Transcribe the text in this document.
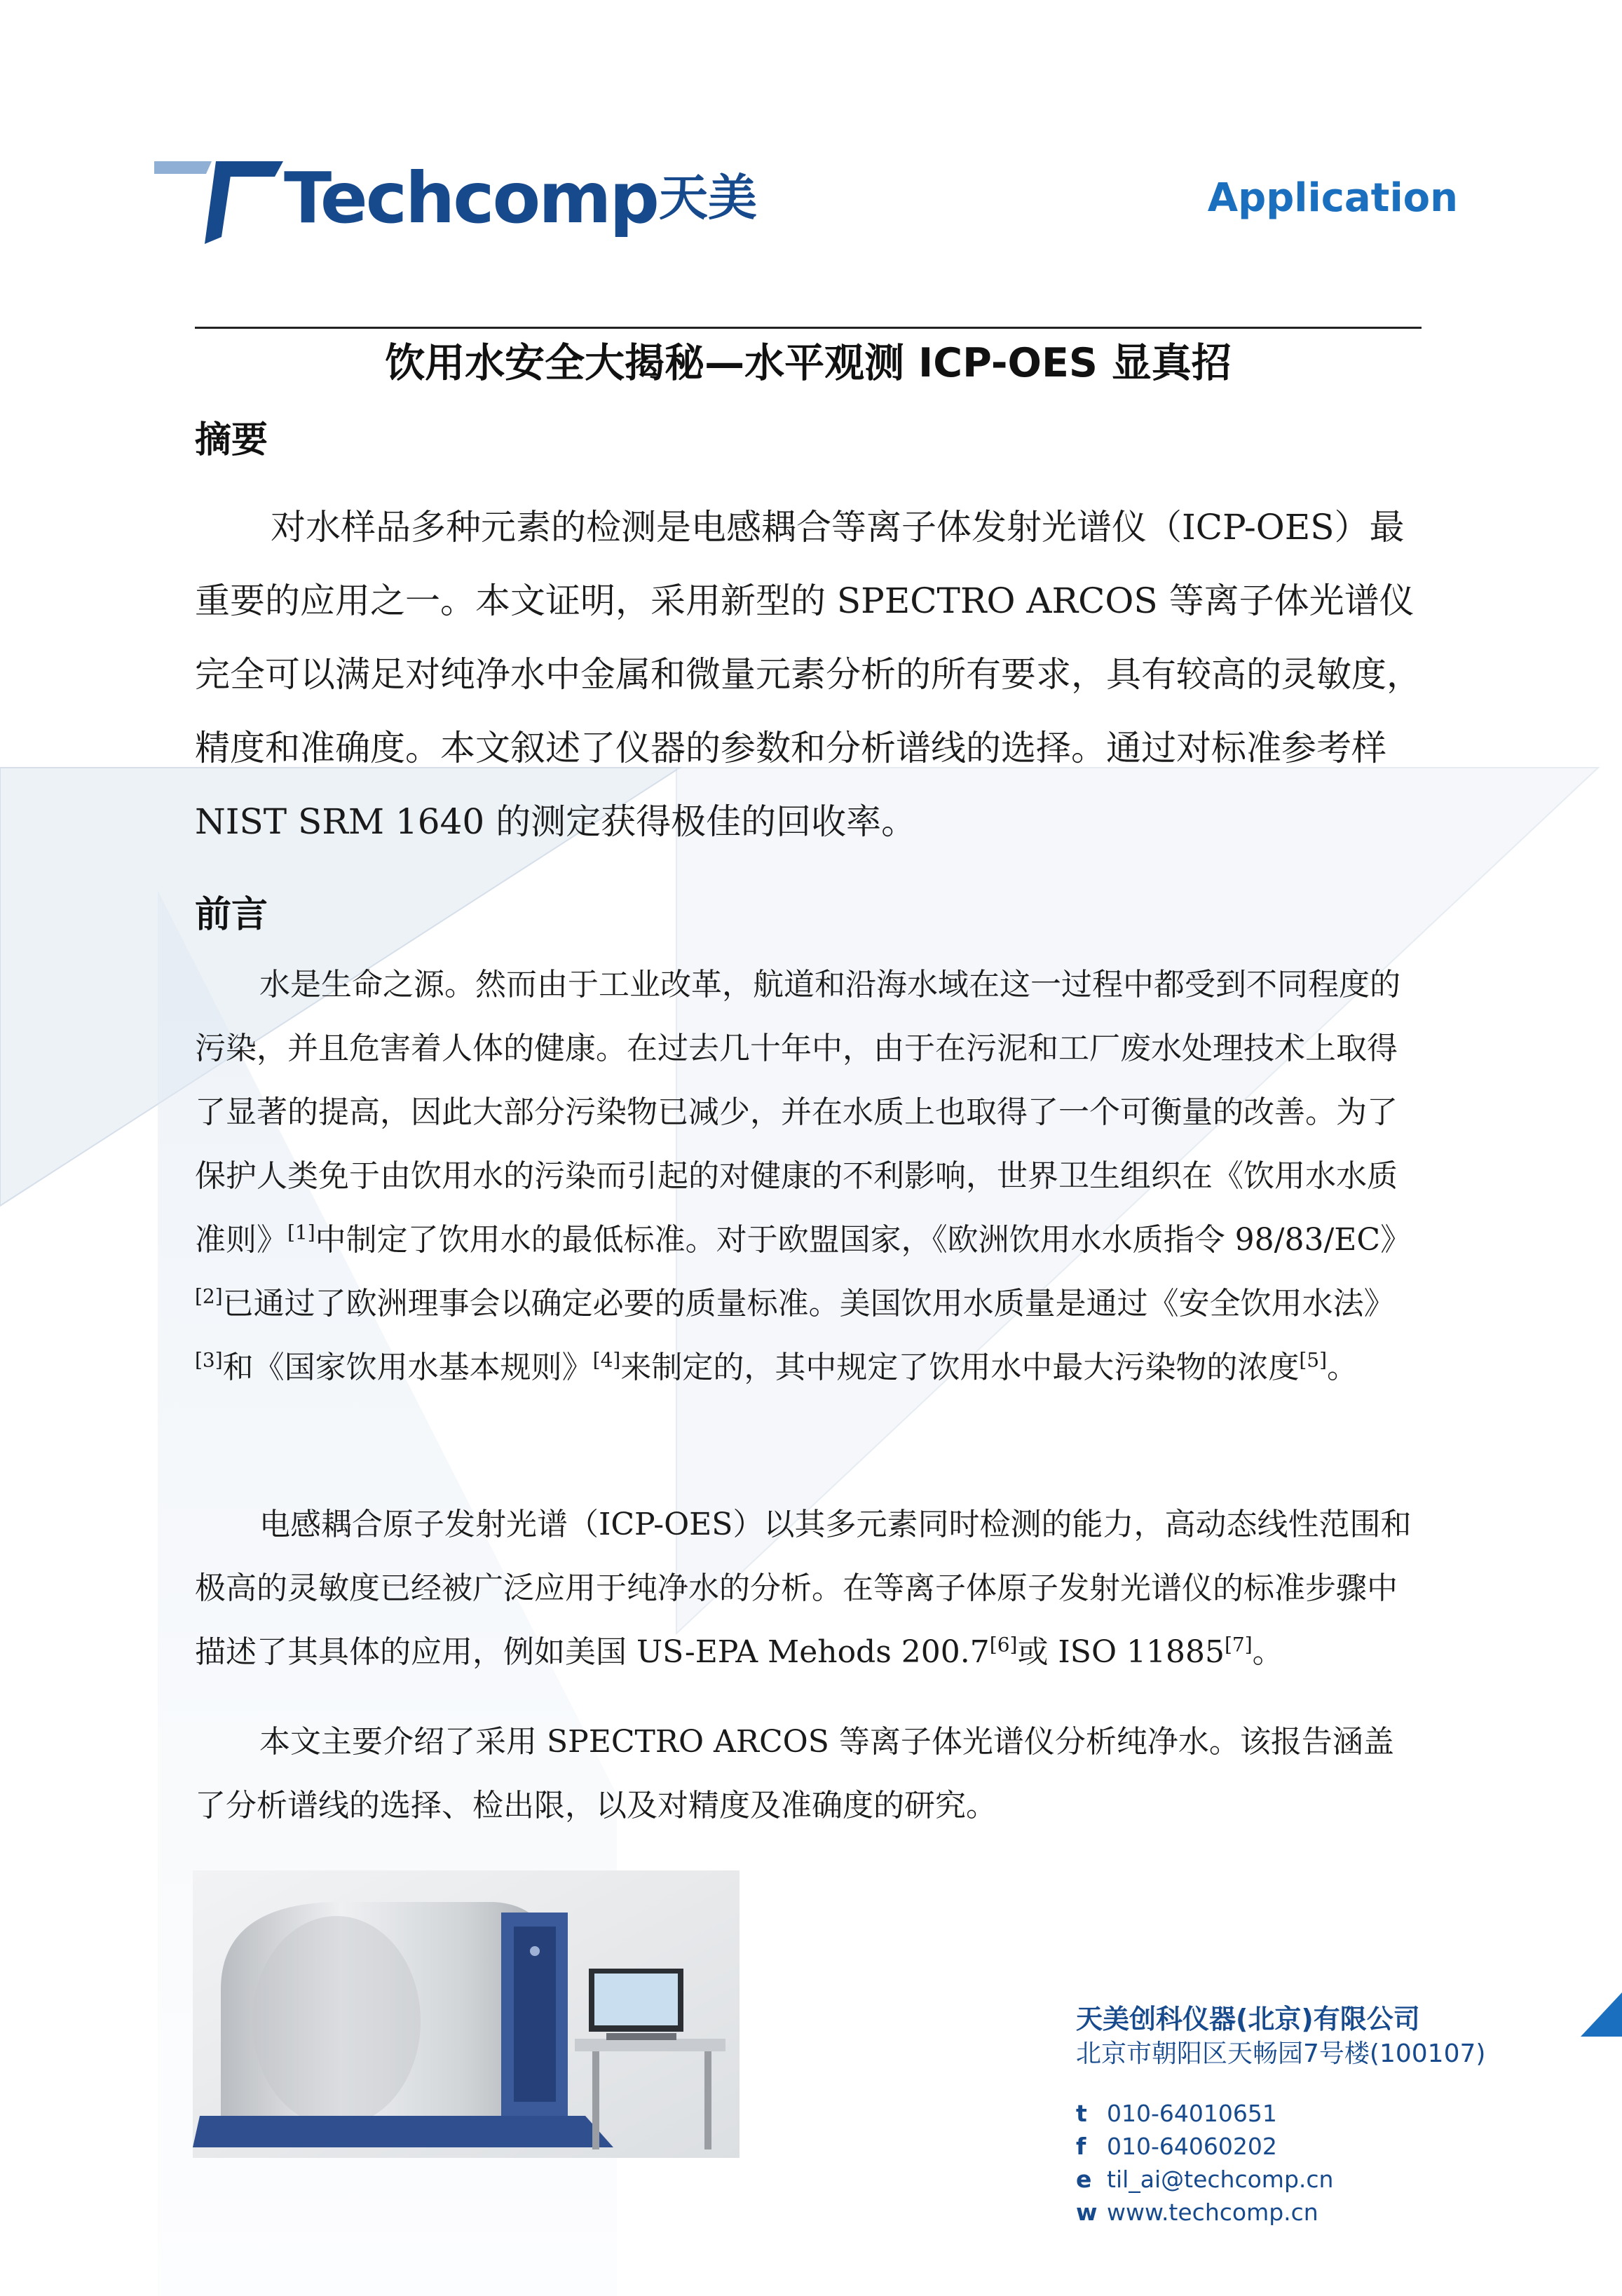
Techcomp 天美	Application
饮用水安全大揭秘—水平观测 ICP-OES 显真招
摘要

对水样品多种元素的检测是电感耦合等离子体发射光谱仪（ICP-OES）最重要的应用之一。本文证明，采用新型的 SPECTRO ARCOS 等离子体光谱仪完全可以满足对纯净水中金属和微量元素分析的所有要求，具有较高的灵敏度，精度和准确度。本文叙述了仪器的参数和分析谱线的选择。通过对标准参考样 NIST SRM 1640 的测定获得极佳的回收率。

前言

水是生命之源。然而由于工业改革，航道和沿海水域在这一过程中都受到不同程度的污染，并且危害着人体的健康。在过去几十年中，由于在污泥和工厂废水处理技术上取得了显著的提高，因此大部分污染物已减少，并在水质上也取得了一个可衡量的改善。为了保护人类免于由饮用水的污染而引起的对健康的不利影响，世界卫生组织在《饮用水水质准则》[1]中制定了饮用水的最低标准。对于欧盟国家，《欧洲饮用水水质指令 98/83/EC》[2]已通过了欧洲理事会以确定必要的质量标准。美国饮用水质量是通过《安全饮用水法》[3]和《国家饮用水基本规则》[4]来制定的，其中规定了饮用水中最大污染物的浓度[5]。

电感耦合原子发射光谱（ICP-OES）以其多元素同时检测的能力，高动态线性范围和极高的灵敏度已经被广泛应用于纯净水的分析。在等离子体原子发射光谱仪的标准步骤中描述了其具体的应用，例如美国 US-EPA Mehods 200.7[6]或 ISO 11885[7]。

本文主要介绍了采用 SPECTRO ARCOS 等离子体光谱仪分析纯净水。该报告涵盖了分析谱线的选择、检出限，以及对精度及准确度的研究。

天美创科仪器(北京)有限公司
北京市朝阳区天畅园7号楼(100107)
t 010-64010651
f 010-64060202
e til_ai@techcomp.cn
w www.techcomp.cn
